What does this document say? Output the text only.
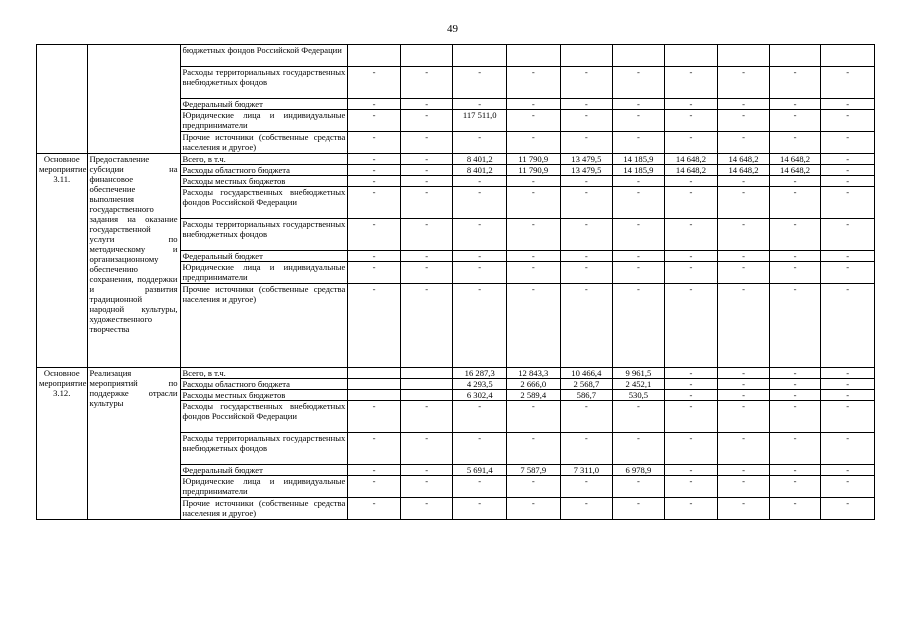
49
		бюджетных фондов Российской Федерации										
		Расходы территориальных государственных внебюджетных фондов	-	-	-	-	-	-	-	-	-	-
		Федеральный бюджет	-	-	-	-	-	-	-	-	-	-
		Юридические лица и индивидуальные предприниматели	-	-	117 511,0	-	-	-	-	-	-	-
		Прочие источники (собственные средства населения и другое)	-	-	-	-	-	-	-	-	-	-
Основное мероприятие 3.11.	Предоставление субсидии на финансовое обеспечение выполнения государственного задания на оказание государственной услуги по методическому и организационному обеспечению сохранения, поддержки и развития традиционной народной культуры, художественного творчества	Всего, в т.ч.	-	-	8 401,2	11 790,9	13 479,5	14 185,9	14 648,2	14 648,2	14 648,2	-
		Расходы областного бюджета	-	-	8 401,2	11 790,9	13 479,5	14 185,9	14 648,2	14 648,2	14 648,2	-
		Расходы местных бюджетов	-	-	-	-	-	-	-	-	-	-
		Расходы государственных внебюджетных фондов Российской Федерации	-	-	-	-	-	-	-	-	-	-
		Расходы территориальных государственных внебюджетных фондов	-	-	-	-	-	-	-	-	-	-
		Федеральный бюджет	-	-	-	-	-	-	-	-	-	-
		Юридические лица и индивидуальные предприниматели	-	-	-	-	-	-	-	-	-	-
		Прочие источники (собственные средства населения и другое)	-	-	-	-	-	-	-	-	-	-
Основное мероприятие 3.12.	Реализация мероприятий по поддержке отрасли культуры	Всего, в т.ч.			16 287,3	12 843,3	10 466,4	9 961,5	-	-	-	-
		Расходы областного бюджета			4 293,5	2 666,0	2 568,7	2 452,1	-	-	-	-
		Расходы местных бюджетов			6 302,4	2 589,4	586,7	530,5	-	-	-	-
		Расходы государственных внебюджетных фондов Российской Федерации	-	-	-	-	-	-	-	-	-	-
		Расходы территориальных государственных внебюджетных фондов	-	-	-	-	-	-	-	-	-	-
		Федеральный бюджет	-	-	5 691,4	7 587,9	7 311,0	6 978,9	-	-	-	-
		Юридические лица и индивидуальные предприниматели	-	-	-	-	-	-	-	-	-	-
		Прочие источники (собственные средства населения и другое)	-	-	-	-	-	-	-	-	-	-
